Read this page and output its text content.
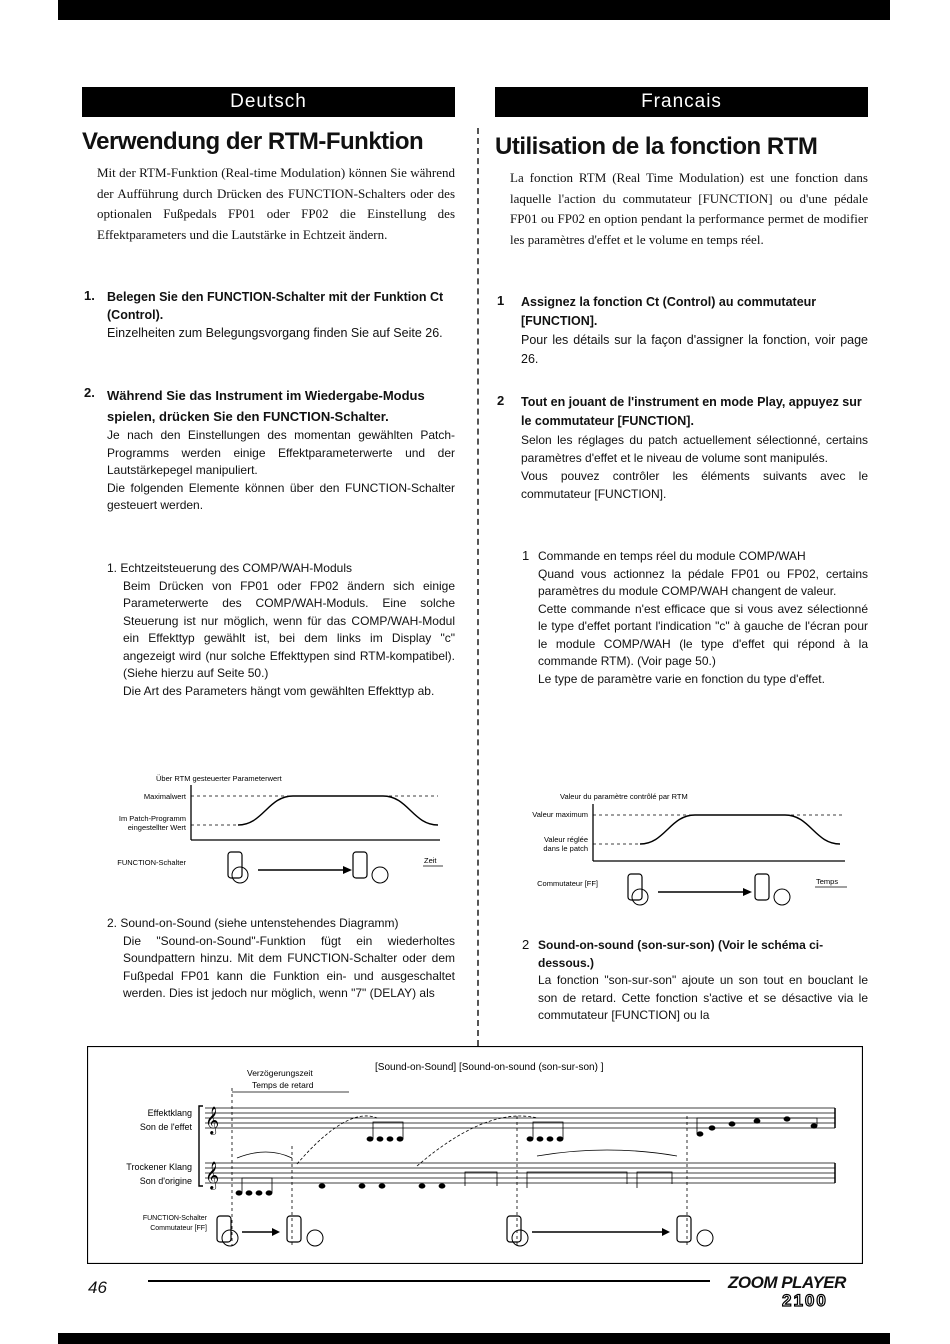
Deutsch	Francais
Verwendung der RTM-Funktion
Mit der RTM-Funktion (Real-time Modulation) können Sie während der Aufführung durch Drücken des FUNCTION-Schalters oder des optionalen Fußpedals FP01 oder FP02 die Einstellung des Effektparameters und die Lautstärke in Echtzeit ändern.
1. Belegen Sie den FUNCTION-Schalter mit der Funktion Ct (Control).
Einzelheiten zum Belegungsvorgang finden Sie auf Seite 26.
2. Während Sie das Instrument im Wiedergabe-Modus spielen, drücken Sie den FUNCTION-Schalter.
Je nach den Einstellungen des momentan gewählten Patch-Programms werden einige Effektparameterwerte und der Lautstärkepegel manipuliert.
Die folgenden Elemente können über den FUNCTION-Schalter gesteuert werden.
1. Echtzeitsteuerung des COMP/WAH-Moduls
Beim Drücken von FP01 oder FP02 ändern sich einige Parameterwerte des COMP/WAH-Moduls. Eine solche Steuerung ist nur möglich, wenn für das COMP/WAH-Modul ein Effekttyp gewählt ist, bei dem links im Display "c" angezeigt wird (nur solche Effekttypen sind RTM-kompatibel). (Siehe hierzu auf Seite 50.)
Die Art des Parameters hängt vom gewählten Effekttyp ab.
Über RTM gesteuerter Parameterwert
Maximalwert
Im Patch-Programm
eingestellter Wert
FUNCTION-Schalter	Zeit
2. Sound-on-Sound (siehe untenstehendes Diagramm)
Die "Sound-on-Sound"-Funktion fügt ein wiederholtes Soundpattern hinzu. Mit dem FUNCTION-Schalter oder dem Fußpedal FP01 kann die Funktion ein- und ausgeschaltet werden. Dies ist jedoch nur möglich, wenn "7" (DELAY) als
Utilisation de la fonction RTM
La fonction RTM (Real Time Modulation) est une fonction dans laquelle l'action du commutateur [FUNCTION] ou d'une pédale FP01 ou FP02 en option pendant la performance permet de modifier les paramètres d'effet et le volume en temps réel.
1 Assignez la fonction Ct (Control) au commutateur [FUNCTION].
Pour les détails sur la façon d'assigner la fonction, voir page 26.
2 Tout en jouant de l'instrument en mode Play, appuyez sur le commutateur [FUNCTION].
Selon les réglages du patch actuellement sélectionné, certains paramètres d'effet et le niveau de volume sont manipulés.
Vous pouvez contrôler les éléments suivants avec le commutateur [FUNCTION].
1 Commande en temps réel du module COMP/WAH
Quand vous actionnez la pédale FP01 ou FP02, certains paramètres du module COMP/WAH changent de valeur.
Cette commande n'est efficace que si vous avez sélectionné le type d'effet portant l'indication "c" à gauche de l'écran pour le module COMP/WAH (le type d'effet qui répond à la commande RTM). (Voir page 50.)
Le type de paramètre varie en fonction du type d'effet.
Valeur du paramètre contrôlé par RTM
Valeur maximum
Valeur réglée
dans le patch
Commutateur [FF]	Temps
2 Sound-on-sound (son-sur-son) (Voir le schéma ci-dessous.)
La fonction "son-sur-son" ajoute un son tout en bouclant le son de retard. Cette fonction s'active et se désactive via le commutateur [FUNCTION] ou la
[Sound-on-Sound] [Sound-on-sound (son-sur-son) ]
Verzögerungszeit
Temps de retard
Effektklang
Son de l'effet
Trockener Klang
Son d'origine
𝄞
𝄞
FUNCTION-Schalter
Commutateur [FF]
46	ZOOM PLAYER
2100
